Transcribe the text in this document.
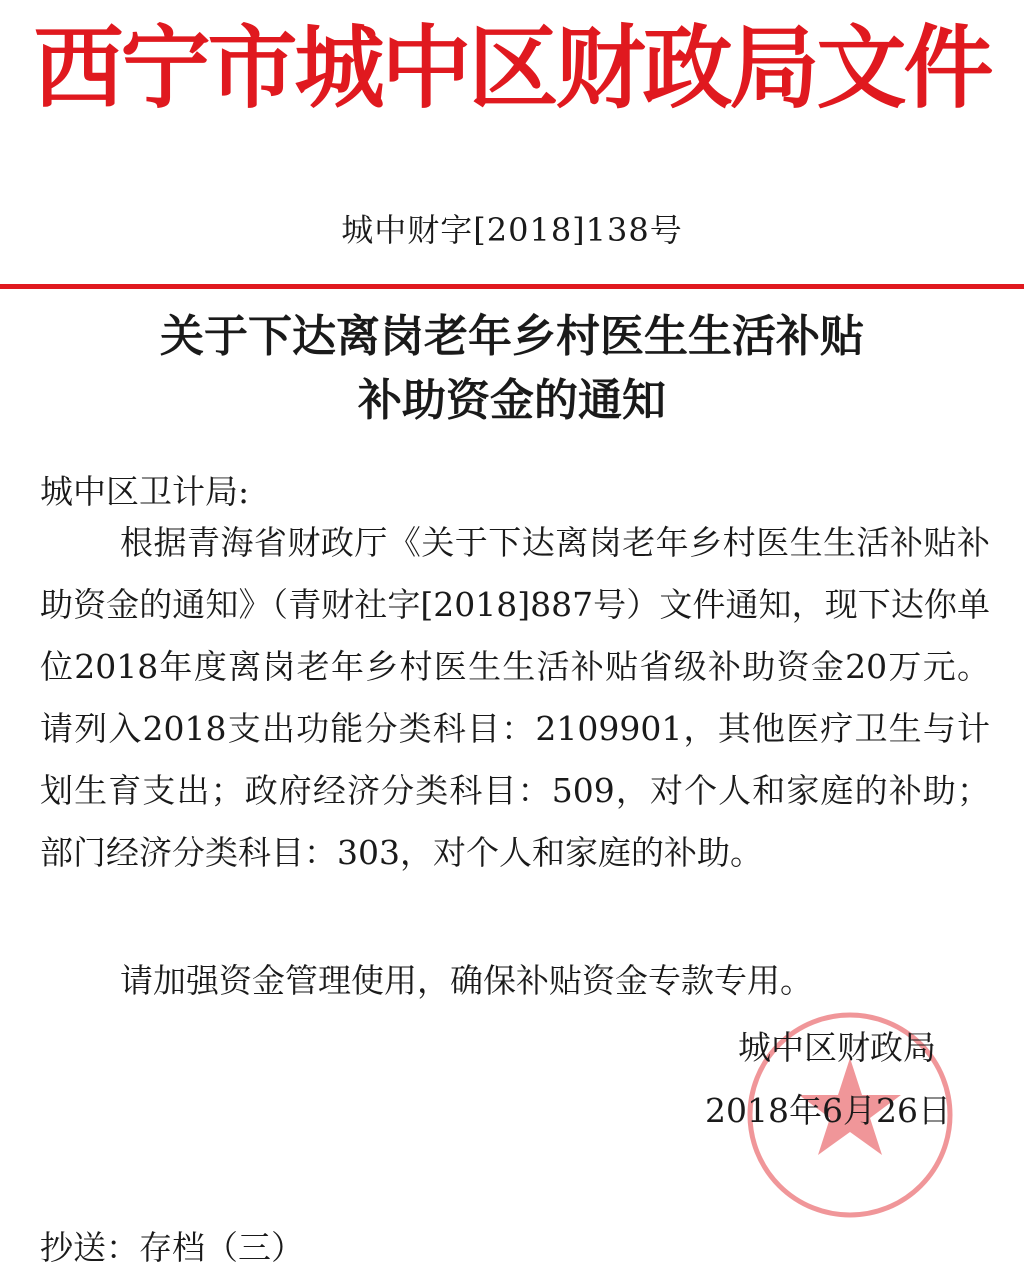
西宁市城中区财政局文件
城中财字[2018]138号
关于下达离岗老年乡村医生生活补贴
补助资金的通知
城中区卫计局:

根据青海省财政厅《关于下达离岗老年乡村医生生活补贴补助资金的通知》（青财社字[2018]887号）文件通知，现下达你单位2018年度离岗老年乡村医生生活补贴省级补助资金20万元。请列入2018支出功能分类科目：2109901，其他医疗卫生与计划生育支出；政府经济分类科目：509，对个人和家庭的补助；部门经济分类科目：303，对个人和家庭的补助。

请加强资金管理使用，确保补贴资金专款专用。
城中区财政局
2018年6月26日
抄送：存档（三）
